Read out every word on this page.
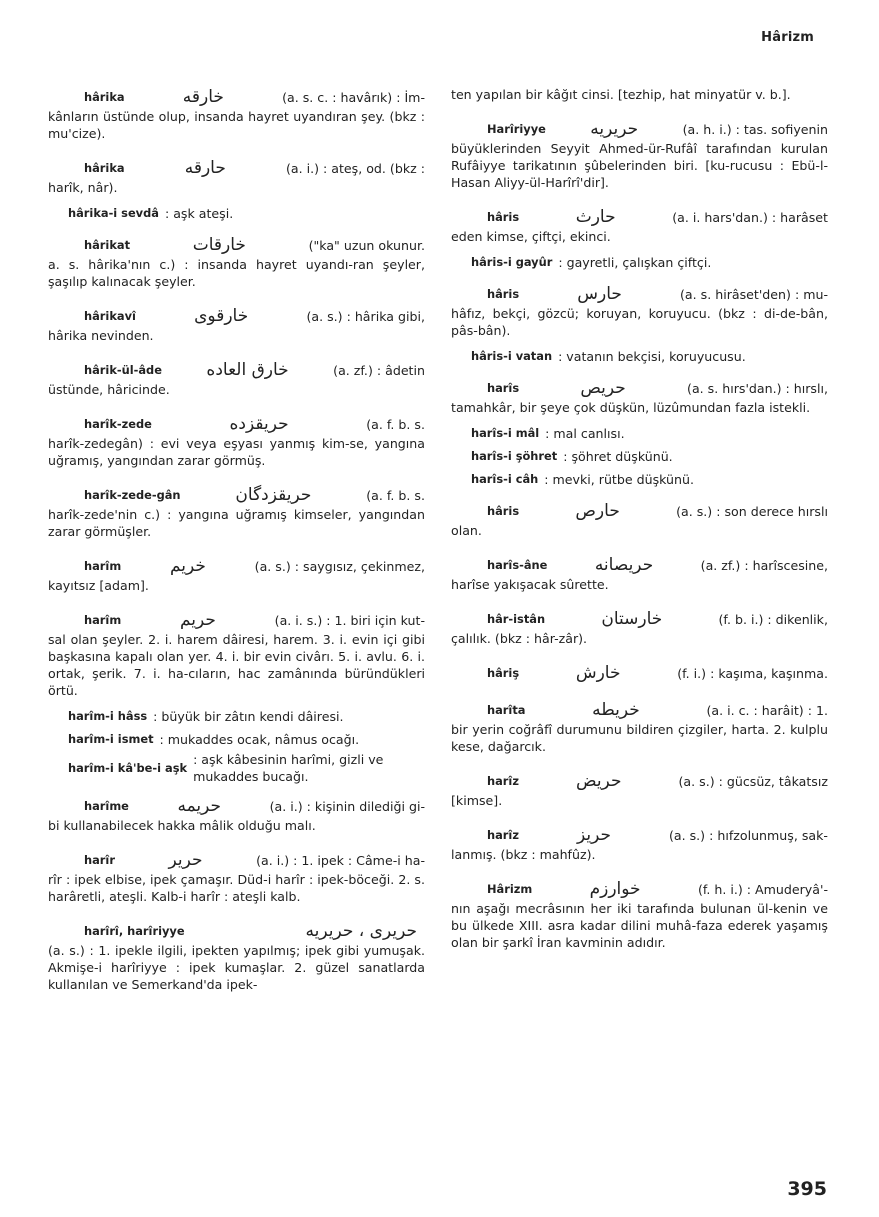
Hârizm
hârika	خارقه	(a. s. c. : havârık) : İm-
kânların üstünde olup, insanda hayret uyandıran şey. (bkz : mu'cize).
hârika	حارقه	(a. i.) : ateş, od. (bkz :
harîk, nâr).
hârika-i sevdâ : aşk ateşi.
hârikat	خارقات	("ka" uzun okunur.
a. s. hârika'nın c.) : insanda hayret uyandı-ran şeyler, şaşılıp kalınacak şeyler.
hârikavî	خارقوى	(a. s.) : hârika gibi,
hârika nevinden.
hârik-ül-âde	خارق العاده	(a. zf.) : âdetin
üstünde, hâricinde.
harîk-zede	حريقزده	(a. f. b. s.
harîk-zedegân) : evi veya eşyası yanmış kim-se, yangına uğramış, yangından zarar görmüş.
harîk-zede-gân	حريقزدگان	(a. f. b. s.
harîk-zede'nin c.) : yangına uğramış kimseler, yangından zarar görmüşler.
harîm	خريم	(a. s.) : saygısız, çekinmez,
kayıtsız [adam].
harîm	حريم	(a. i. s.) : 1. biri için kut-
sal olan şeyler. 2. i. harem dâiresi, harem. 3. i. evin içi gibi başkasına kapalı olan yer. 4. i. bir evin civârı. 5. i. avlu. 6. i. ortak, şerik. 7. i. ha-cıların, hac zamânında büründükleri örtü.
harîm-i hâss : büyük bir zâtın kendi dâiresi.
harîm-i ismet : mukaddes ocak, nâmus ocağı.
harîm-i kâ'be-i aşk
: aşk kâbesinin harîmi, gizli ve mukaddes bucağı.
harîme	حريمه	(a. i.) : kişinin dilediği gi-
bi kullanabilecek hakka mâlik olduğu malı.
harîr	حرير	(a. i.) : 1. ipek : Câme-i ha-
rîr : ipek elbise, ipek çamaşır. Düd-i harîr : ipek-böceği. 2. s. harâretli, ateşli. Kalb-i harîr : ateşli kalb.
harîrî, harîriyye	حريرى ، حريريه
(a. s.) : 1. ipekle ilgili, ipekten yapılmış; ipek gibi yumuşak. Akmişe-i harîriyye : ipek kumaşlar. 2. güzel sanatlarda kullanılan ve Semerkand'da ipek-
ten yapılan bir kâğıt cinsi. [tezhip, hat minyatür v. b.].
Harîriyye	حريريه	(a. h. i.) : tas. sofiyenin
büyüklerinden Seyyit Ahmed-ür-Rufâî tarafından kurulan Rufâiyye tarikatının şûbelerinden biri. [ku-rucusu : Ebü-l-Hasan Aliyy-ül-Harîrî'dir].
hâris	حارث	(a. i. hars'dan.) : harâset
eden kimse, çiftçi, ekinci.
hâris-i gayûr : gayretli, çalışkan çiftçi.
hâris	حارس	(a. s. hirâset'den) : mu-
hâfız, bekçi, gözcü; koruyan, koruyucu. (bkz : di-de-bân, pâs-bân).
hâris-i vatan : vatanın bekçisi, koruyucusu.
harîs	حريص	(a. s. hırs'dan.) : hırslı,
tamahkâr, bir şeye çok düşkün, lüzûmundan fazla istekli.
harîs-i mâl : mal canlısı.
harîs-i şöhret : şöhret düşkünü.
harîs-i câh : mevki, rütbe düşkünü.
hâris	حارص	(a. s.) : son derece hırslı
olan.
harîs-âne	حريصانه	(a. zf.) : harîscesine,
harîse yakışacak sûrette.
hâr-istân	خارستان	(f. b. i.) : dikenlik,
çalılık. (bkz : hâr-zâr).
hâriş	خارش	(f. i.) : kaşıma, kaşınma.
harîta	خريطه	(a. i. c. : harâit) : 1.
bir yerin coğrâfî durumunu bildiren çizgiler, harta. 2. kulplu kese, dağarcık.
harîz	حريض	(a. s.) : gücsüz, tâkatsız
[kimse].
harîz	حريز	(a. s.) : hıfzolunmuş, sak-
lanmış. (bkz : mahfûz).
Hârizm	خوارزم	(f. h. i.) : Amuderyâ'-
nın aşağı mecrâsının her iki tarafında bulunan ül-kenin ve bu ülkede XIII. asra kadar dilini muhâ-faza ederek yaşamış olan bir şarkî İran kavminin adıdır.
395
